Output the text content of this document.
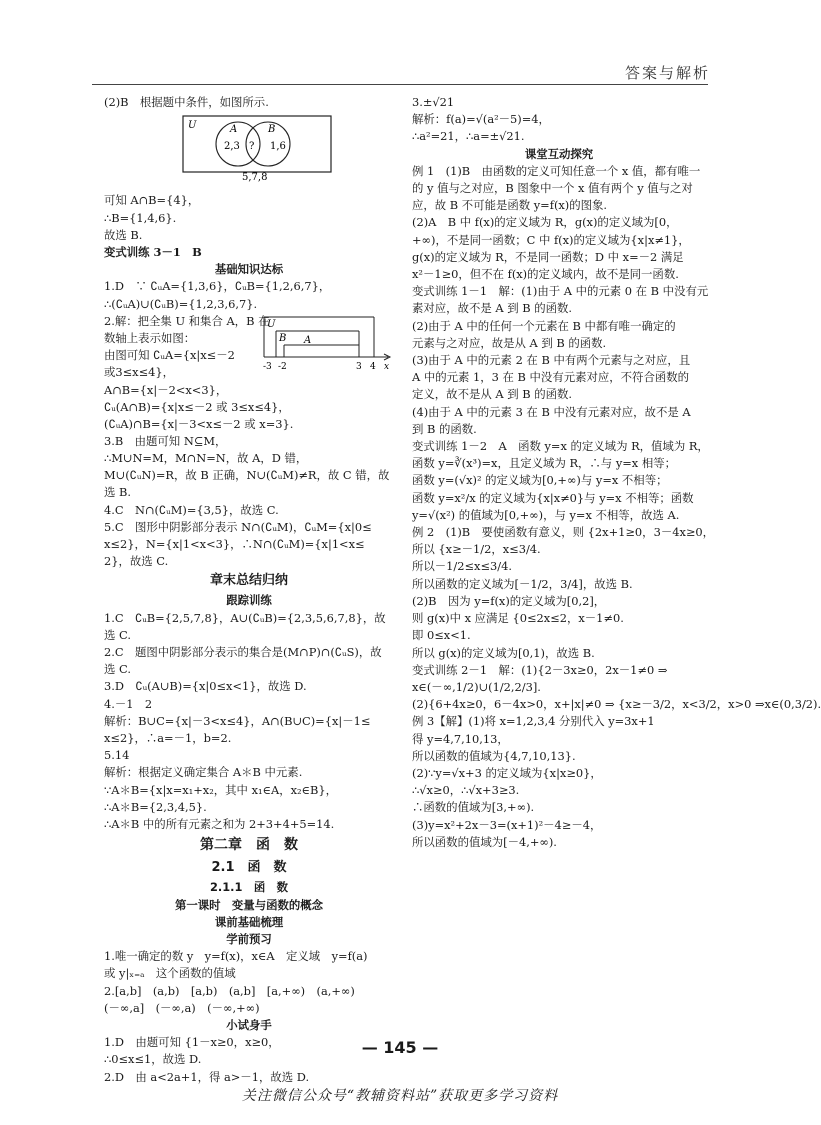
答案与解析
(2)B　根据题中条件，如图所示.
U	A	B
2,3 ? 1,6
5,7,8
可知 A∩B={4}，
∴B={1,4,6}.
故选 B.
变式训练 3－1　B
基础知识达标
1.D　∵ ∁ᵤA={1,3,6}，∁ᵤB={1,2,6,7}，
∴(∁ᵤA)∪(∁ᵤB)={1,2,3,6,7}.
2.解：把全集 U 和集合 A，B 在
数轴上表示如图：
由图可知 ∁ᵤA={x|x≤－2
或3≤x≤4}，
A∩B={x|－2<x<3}，
∁ᵤ(A∩B)={x|x≤－2 或 3≤x≤4}，
(∁ᵤA)∩B={x|－3<x≤－2 或 x=3}.
U
B A
-3 -2	3 4 x
3.B　由题可知 N⊆M，
∴M∪N=M，M∩N=N，故 A，D 错，
M∪(∁ᵤN)=R，故 B 正确，N∪(∁ᵤM)≠R，故 C 错，故
选 B.
4.C　N∩(∁ᵤM)={3,5}，故选 C.
5.C　图形中阴影部分表示 N∩(∁ᵤM)，∁ᵤM={x|0≤
x≤2}，N={x|1<x<3}，∴N∩(∁ᵤM)={x|1<x≤
2}，故选 C.
章末总结归纳
跟踪训练
1.C　∁ᵤB={2,5,7,8}，A∪(∁ᵤB)={2,3,5,6,7,8}，故
选 C.
2.C　题图中阴影部分表示的集合是(M∩P)∩(∁ᵤS)，故
选 C.
3.D　∁ᵤ(A∪B)={x|0≤x<1}，故选 D.
4.－1　2
解析：B∪C={x|－3<x≤4}，A∩(B∪C)={x|－1≤
x≤2}，∴a=－1，b=2.
5.14
解析：根据定义确定集合 A＊B 中元素.
∵A＊B={x|x=x₁+x₂，其中 x₁∈A，x₂∈B}，
∴A＊B={2,3,4,5}.
∴A＊B 中的所有元素之和为 2+3+4+5=14.
第二章　函　数
2.1　函　数
2.1.1　函　数
第一课时　变量与函数的概念
课前基础梳理
学前预习
1.唯一确定的数 y　y=f(x)，x∈A　定义域　y=f(a)
或 y|ₓ₌ₐ　这个函数的值域
2.[a,b]　(a,b)　[a,b)　(a,b]　[a,+∞)　(a,+∞)
(－∞,a]　(－∞,a)　(－∞,+∞)
小试身手
1.D　由题可知 {1－x≥0，x≥0，
∴0≤x≤1，故选 D.
2.D　由 a<2a+1，得 a>－1，故选 D.
3.±√21
解析：f(a)=√(a²－5)=4，
∴a²=21，∴a=±√21.
课堂互动探究
例 1　(1)B　由函数的定义可知任意一个 x 值，都有唯一
的 y 值与之对应，B 图象中一个 x 值有两个 y 值与之对
应，故 B 不可能是函数 y=f(x)的图象.
(2)A　B 中 f(x)的定义域为 R，g(x)的定义域为[0，
+∞)，不是同一函数；C 中 f(x)的定义域为{x|x≠1}，
g(x)的定义域为 R，不是同一函数；D 中 x=－2 满足
x²－1≥0，但不在 f(x)的定义域内，故不是同一函数.
变式训练 1－1　解：(1)由于 A 中的元素 0 在 B 中没有元
素对应，故不是 A 到 B 的函数.
(2)由于 A 中的任何一个元素在 B 中都有唯一确定的
元素与之对应，故是从 A 到 B 的函数.
(3)由于 A 中的元素 2 在 B 中有两个元素与之对应，且
A 中的元素 1，3 在 B 中没有元素对应，不符合函数的
定义，故不是从 A 到 B 的函数.
(4)由于 A 中的元素 3 在 B 中没有元素对应，故不是 A
到 B 的函数.
变式训练 1－2　A　函数 y=x 的定义域为 R，值域为 R，
函数 y=∛(x³)=x，且定义域为 R，∴与 y=x 相等；
函数 y=(√x)² 的定义域为[0,+∞)与 y=x 不相等；
函数 y=x²/x 的定义域为{x|x≠0}与 y=x 不相等；函数
y=√(x²) 的值域为[0,+∞)，与 y=x 不相等，故选 A.
例 2　(1)B　要使函数有意义，则 {2x+1≥0，3－4x≥0，
所以 {x≥－1/2，x≤3/4.
所以－1/2≤x≤3/4.
所以函数的定义域为[－1/2，3/4]，故选 B.
(2)B　因为 y=f(x)的定义域为[0,2]，
则 g(x)中 x 应满足 {0≤2x≤2，x－1≠0.
即 0≤x<1.
所以 g(x)的定义域为[0,1)，故选 B.
变式训练 2－1　解：(1){2－3x≥0，2x－1≠0 ⇒
x∈(－∞,1/2)∪(1/2,2/3].
(2){6+4x≥0，6－4x>0，x+|x|≠0 ⇒ {x≥－3/2，x<3/2，x>0 ⇒x∈(0,3/2).
例 3【解】(1)将 x=1,2,3,4 分别代入 y=3x+1
得 y=4,7,10,13，
所以函数的值域为{4,7,10,13}.
(2)∵y=√x+3 的定义域为{x|x≥0}，
∴√x≥0，∴√x+3≥3.
∴函数的值域为[3,+∞).
(3)y=x²+2x－3=(x+1)²－4≥－4，
所以函数的值域为[－4,+∞).
— 145 —
关注微信公众号“教辅资料站”获取更多学习资料
